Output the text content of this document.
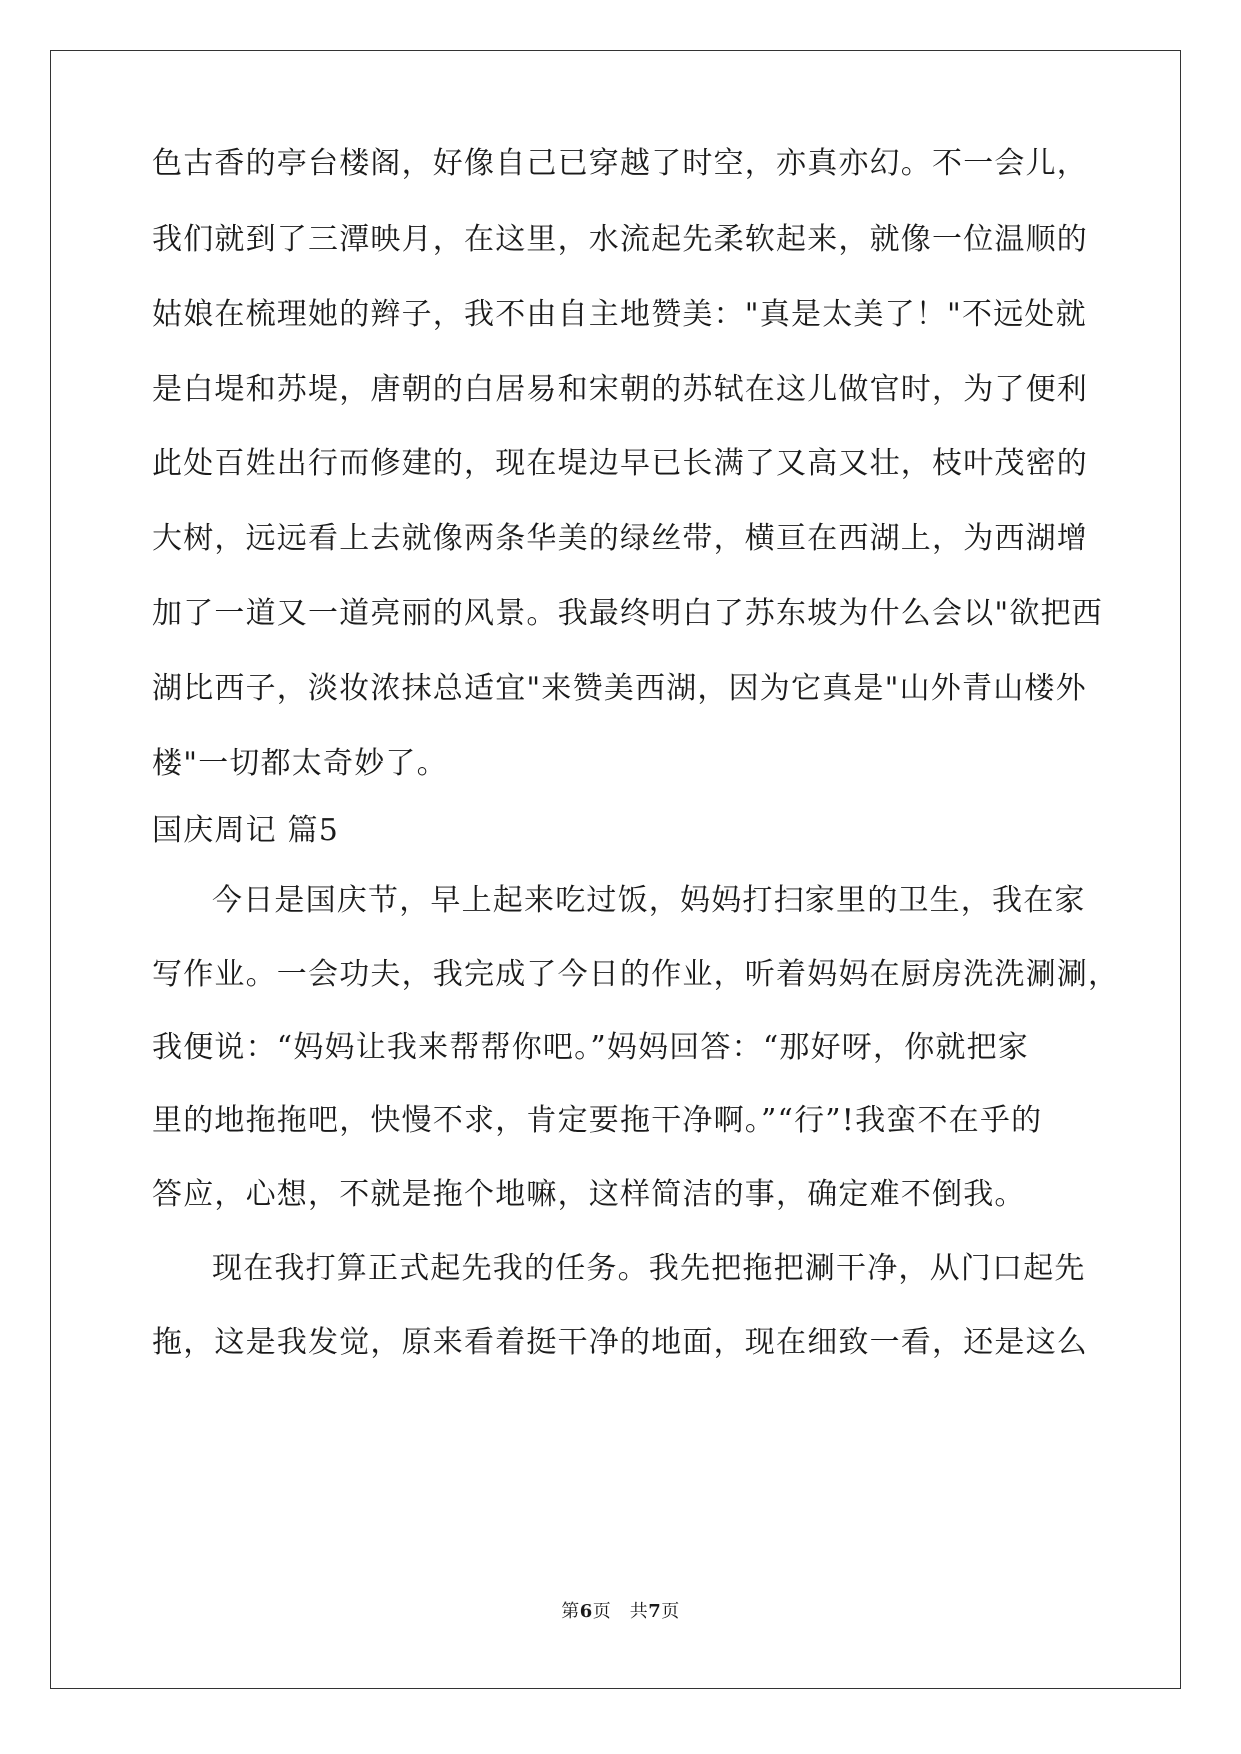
色古香的亭台楼阁，好像自己已穿越了时空，亦真亦幻。不一会儿，
我们就到了三潭映月，在这里，水流起先柔软起来，就像一位温顺的
姑娘在梳理她的辫子，我不由自主地赞美："真是太美了！"不远处就
是白堤和苏堤，唐朝的白居易和宋朝的苏轼在这儿做官时，为了便利
此处百姓出行而修建的，现在堤边早已长满了又高又壮，枝叶茂密的
大树，远远看上去就像两条华美的绿丝带，横亘在西湖上，为西湖增
加了一道又一道亮丽的风景。我最终明白了苏东坡为什么会以"欲把西
湖比西子，淡妆浓抹总适宜"来赞美西湖，因为它真是"山外青山楼外
楼"一切都太奇妙了。
国庆周记 篇5
今日是国庆节，早上起来吃过饭，妈妈打扫家里的卫生，我在家
写作业。一会功夫，我完成了今日的作业，听着妈妈在厨房洗洗涮涮，
我便说：“妈妈让我来帮帮你吧。”妈妈回答：“那好呀，你就把家
里的地拖拖吧，快慢不求，肯定要拖干净啊。”“行”!我蛮不在乎的
答应，心想，不就是拖个地嘛，这样简洁的事，确定难不倒我。
现在我打算正式起先我的任务。我先把拖把涮干净，从门口起先
拖，这是我发觉，原来看着挺干净的地面，现在细致一看，还是这么
第6页　共7页
